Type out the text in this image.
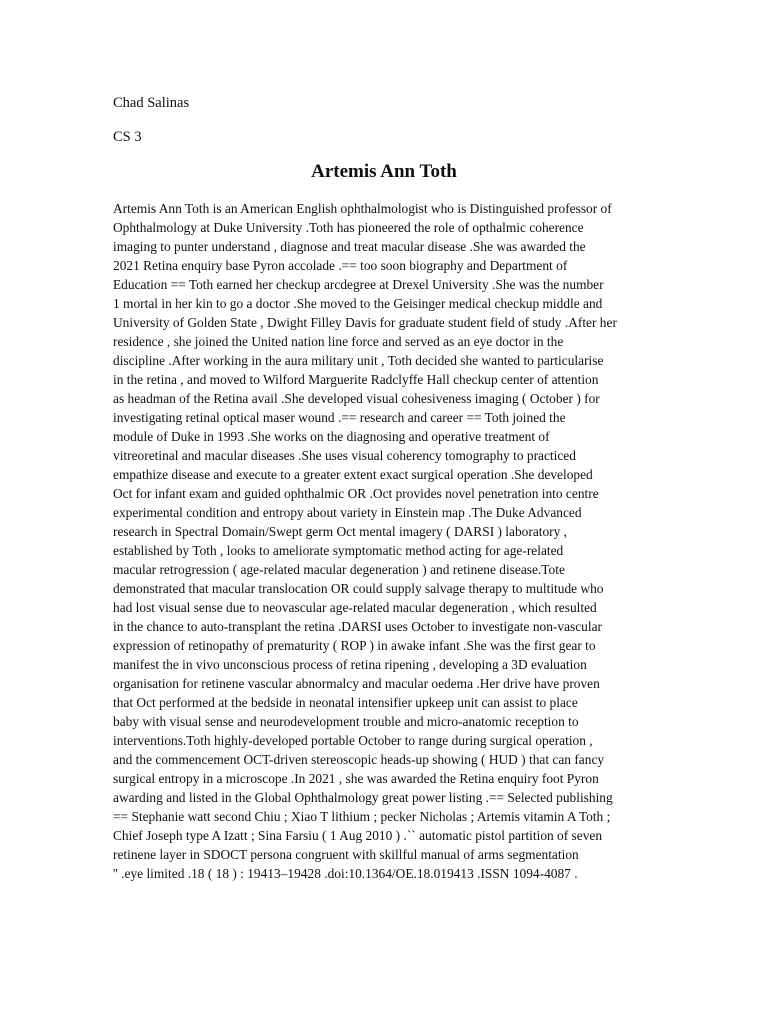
Chad Salinas
CS 3
Artemis Ann Toth
Artemis Ann Toth is an American English ophthalmologist who is Distinguished professor of
Ophthalmology at Duke University .Toth has pioneered the role of opthalmic coherence
imaging to punter understand , diagnose and treat macular disease .She was awarded the
2021 Retina enquiry base Pyron accolade .== too soon biography and Department of
Education == Toth earned her checkup arcdegree at Drexel University .She was the number
1 mortal in her kin to go a doctor .She moved to the Geisinger medical checkup middle and
University of Golden State , Dwight Filley Davis for graduate student field of study .After her
residence , she joined the United nation line force and served as an eye doctor in the
discipline .After working in the aura military unit , Toth decided she wanted to particularise
in the retina , and moved to Wilford Marguerite Radclyffe Hall checkup center of attention
as headman of the Retina avail .She developed visual cohesiveness imaging ( October ) for
investigating retinal optical maser wound .== research and career == Toth joined the
module of Duke in 1993 .She works on the diagnosing and operative treatment of
vitreoretinal and macular diseases .She uses visual coherency tomography to practiced
empathize disease and execute to a greater extent exact surgical operation .She developed
Oct for infant exam and guided ophthalmic OR .Oct provides novel penetration into centre
experimental condition and entropy about variety in Einstein map .The Duke Advanced
research in Spectral Domain/Swept germ Oct mental imagery ( DARSI ) laboratory ,
established by Toth , looks to ameliorate symptomatic method acting for age-related
macular retrogression ( age-related macular degeneration ) and retinene disease.Tote
demonstrated that macular translocation OR could supply salvage therapy to multitude who
had lost visual sense due to neovascular age-related macular degeneration , which resulted
in the chance to auto-transplant the retina .DARSI uses October to investigate non-vascular
expression of retinopathy of prematurity ( ROP ) in awake infant .She was the first gear to
manifest the in vivo unconscious process of retina ripening , developing a 3D evaluation
organisation for retinene vascular abnormalcy and macular oedema .Her drive have proven
that Oct performed at the bedside in neonatal intensifier upkeep unit can assist to place
baby with visual sense and neurodevelopment trouble and micro-anatomic reception to
interventions.Toth highly-developed portable October to range during surgical operation ,
and the commencement OCT-driven stereoscopic heads-up showing ( HUD ) that can fancy
surgical entropy in a microscope .In 2021 , she was awarded the Retina enquiry foot Pyron
awarding and listed in the Global Ophthalmology great power listing .== Selected publishing
== Stephanie watt second Chiu ; Xiao T lithium ; pecker Nicholas ; Artemis vitamin A Toth ;
Chief Joseph type A Izatt ; Sina Farsiu ( 1 Aug 2010 ) .`` automatic pistol partition of seven
retinene layer in SDOCT persona congruent with skillful manual of arms segmentation
'' .eye limited .18 ( 18 ) : 19413–19428 .doi:10.1364/OE.18.019413 .ISSN 1094-4087 .
